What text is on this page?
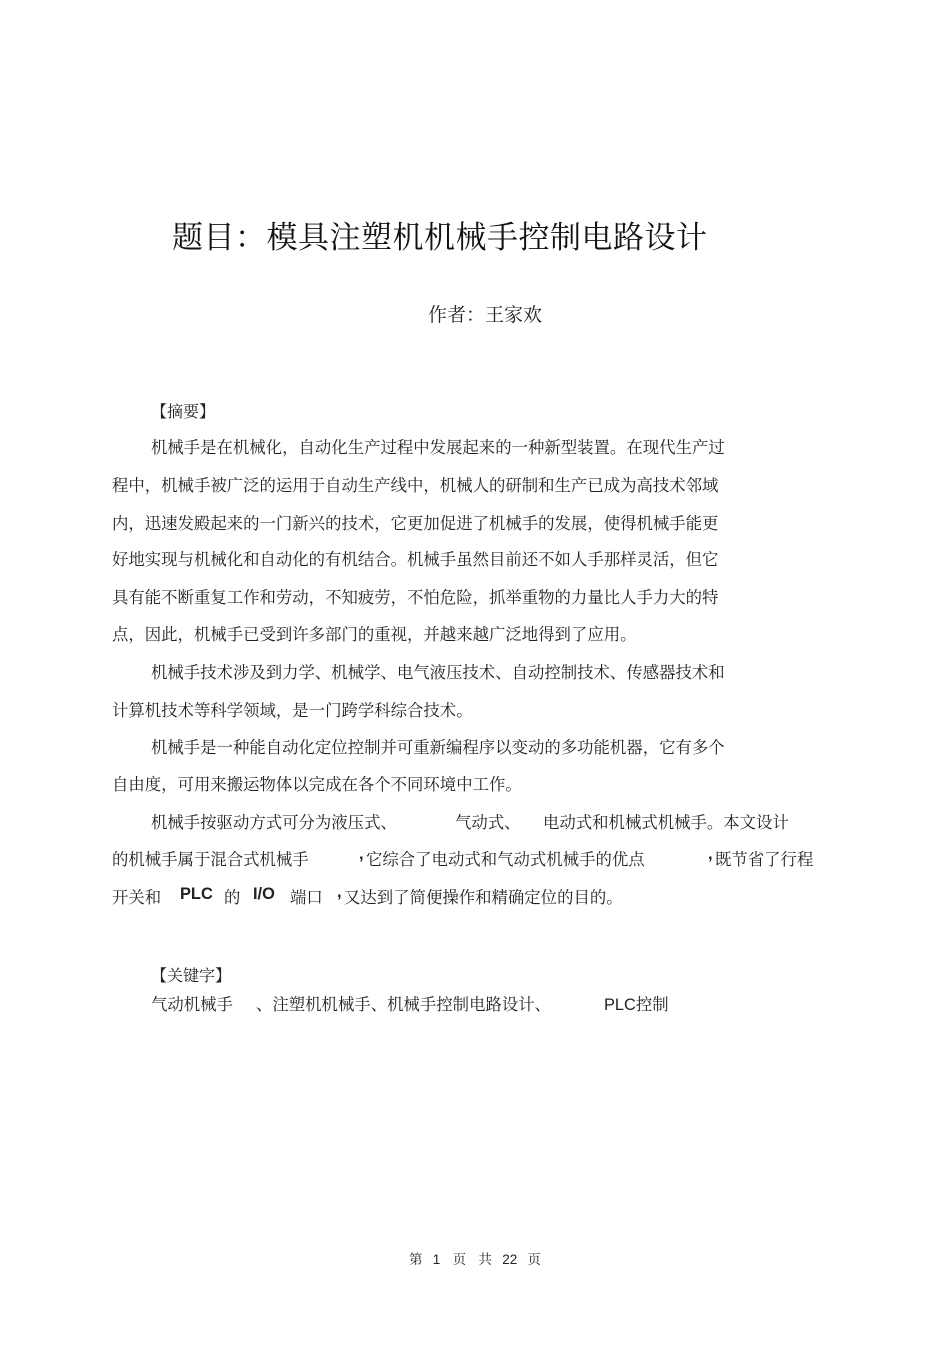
题目：模具注塑机机械手控制电路设计
作者：王家欢
【摘要】
机械手是在机械化，自动化生产过程中发展起来的一种新型装置。在现代生产过
程中，机械手被广泛的运用于自动生产线中，机械人的研制和生产已成为高技术邻域
内，迅速发殿起来的一门新兴的技术，它更加促进了机械手的发展，使得机械手能更
好地实现与机械化和自动化的有机结合。机械手虽然目前还不如人手那样灵活，但它
具有能不断重复工作和劳动，不知疲劳，不怕危险，抓举重物的力量比人手力大的特
点，因此，机械手已受到许多部门的重视，并越来越广泛地得到了应用。
机械手技术涉及到力学、机械学、电气液压技术、自动控制技术、传感器技术和
计算机技术等科学领域，是一门跨学科综合技术。
机械手是一种能自动化定位控制并可重新编程序以变动的多功能机器，它有多个
自由度，可用来搬运物体以完成在各个不同环境中工作。
机械手按驱动方式可分为液压式、	气动式、 电动式和机械式机械手。本文设计
的机械手属于混合式机械手	, 它综合了电动式和气动式机械手的优点	, 既节省了行程
开关和 PLC 的 I/O 端口 , 又达到了简便操作和精确定位的目的。
【关键字】
气动机械手 、注塑机机械手、机械手控制电路设计、	PLC控制
第 1 页 共 22 页
